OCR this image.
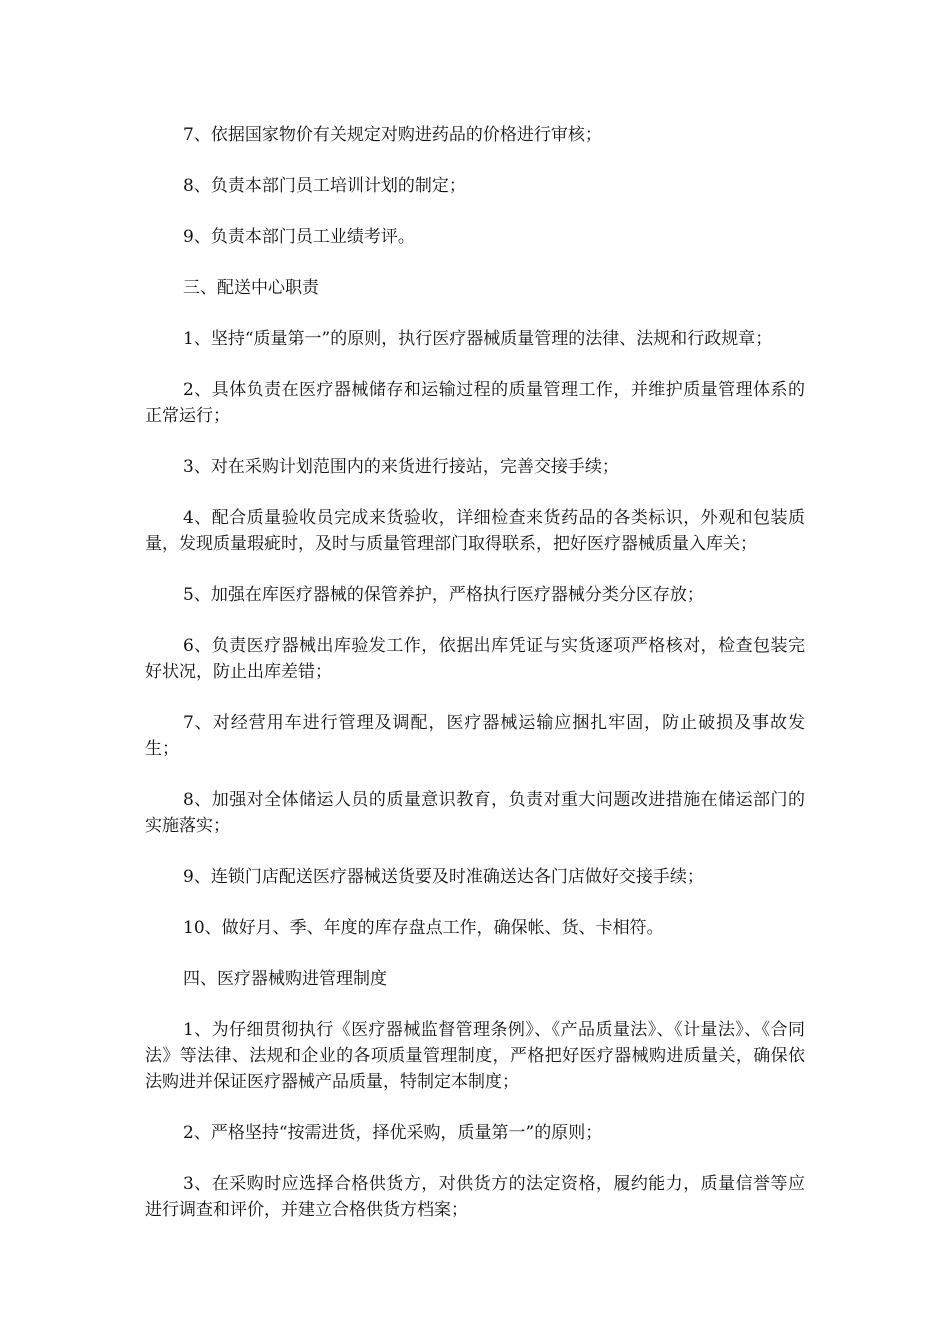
7、依据国家物价有关规定对购进药品的价格进行审核；

8、负责本部门员工培训计划的制定；

9、负责本部门员工业绩考评。

三、配送中心职责

1、坚持“质量第一”的原则，执行医疗器械质量管理的法律、法规和行政规章；

2、具体负责在医疗器械储存和运输过程的质量管理工作，并维护质量管理体系的正常运行；

3、对在采购计划范围内的来货进行接站，完善交接手续；

4、配合质量验收员完成来货验收，详细检查来货药品的各类标识，外观和包装质量，发现质量瑕疵时，及时与质量管理部门取得联系，把好医疗器械质量入库关；

5、加强在库医疗器械的保管养护，严格执行医疗器械分类分区存放；

6、负责医疗器械出库验发工作，依据出库凭证与实货逐项严格核对，检查包装完好状况，防止出库差错；

7、对经营用车进行管理及调配，医疗器械运输应捆扎牢固，防止破损及事故发生；

8、加强对全体储运人员的质量意识教育，负责对重大问题改进措施在储运部门的实施落实；

9、连锁门店配送医疗器械送货要及时准确送达各门店做好交接手续；

10、做好月、季、年度的库存盘点工作，确保帐、货、卡相符。

四、医疗器械购进管理制度

1、为仔细贯彻执行《医疗器械监督管理条例》、《产品质量法》、《计量法》、《合同法》等法律、法规和企业的各项质量管理制度，严格把好医疗器械购进质量关，确保依法购进并保证医疗器械产品质量，特制定本制度；

2、严格坚持“按需进货，择优采购，质量第一”的原则；

3、在采购时应选择合格供货方，对供货方的法定资格，履约能力，质量信誉等应进行调查和评价，并建立合格供货方档案；
